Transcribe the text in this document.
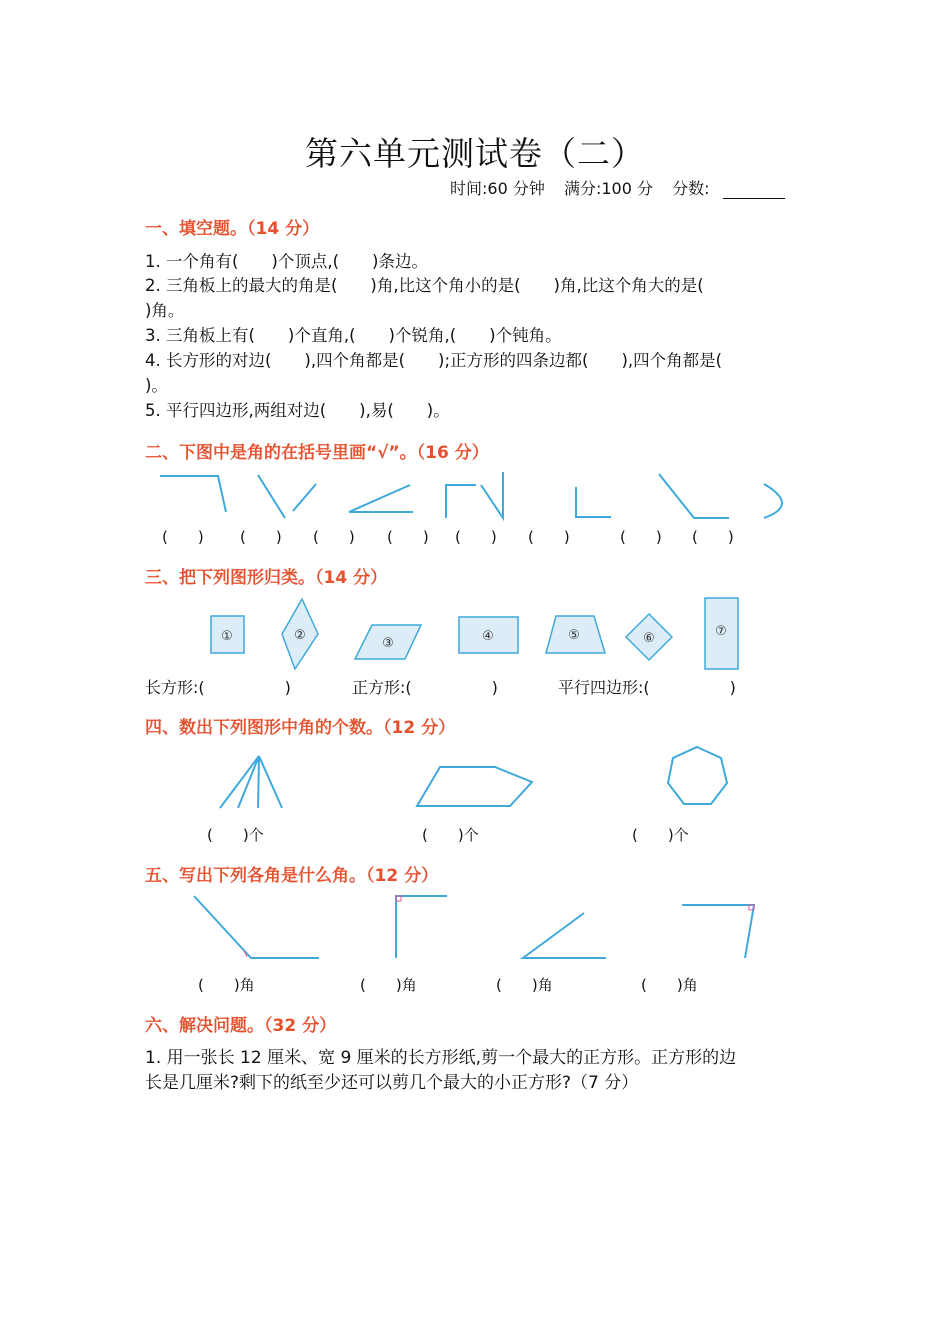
第六单元测试卷（二）
时间:60 分钟 满分:100 分 分数:
一、填空题。（14 分）
1. 一个角有(　　)个顶点,(　　)条边。
2. 三角板上的最大的角是(　　)角,比这个角小的是(　　)角,比这个角大的是(
)角。
3. 三角板上有(　　)个直角,(　　)个锐角,(　　)个钝角。
4. 长方形的对边(　　),四个角都是(　　);正方形的四条边都(　　),四个角都是(
)。
5. 平行四边形,两组对边(　　),易(　　)。
二、下图中是角的在括号里画“√”。（16 分）
(　　) (　　) (　　) (　　) (　　) (　　)	(　　) (　　)
三、把下列图形归类。（14 分）
①	②
③	④	⑤	⑥	⑦
长方形:(　　　　　)	正方形:(　　　　　)	平行四边形:(　　　　　)
四、数出下列图形中角的个数。（12 分）
(　　)个	(　　)个	(　　)个
五、写出下列各角是什么角。（12 分）
(　　)角	(　　)角	(　　)角	(　　)角
六、解决问题。（32 分）
1. 用一张长 12 厘米、宽 9 厘米的长方形纸,剪一个最大的正方形。正方形的边
长是几厘米?剩下的纸至少还可以剪几个最大的小正方形?（7 分）
